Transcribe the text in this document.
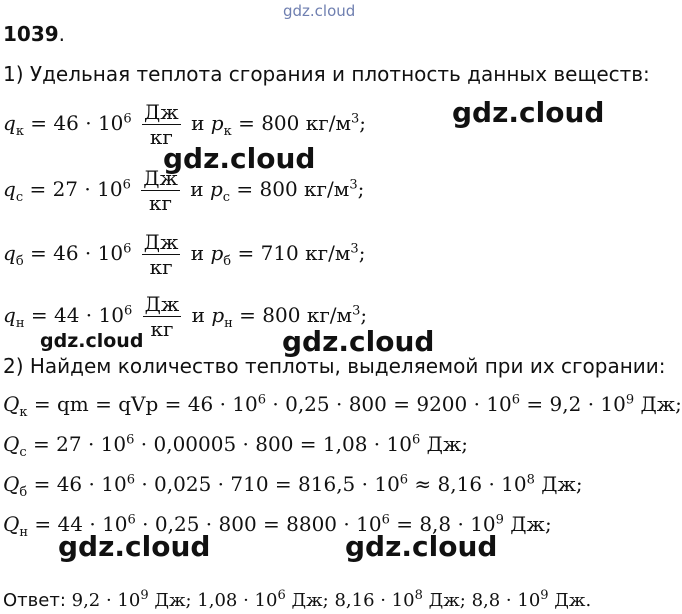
gdz.cloud
gdz.cloud
gdz.cloud
gdz.cloud	gdz.cloud
gdz.cloud	gdz.cloud
1039.
1) Удельная теплота сгорания и плотность данных веществ:
$q_к = 46 \cdot 10^6 \frac{Дж}{кг}$ и $p_к = 800$ $кг/м^3$;
$q_с = 27 \cdot 10^6 \frac{Дж}{кг}$ и $p_с = 800$ $кг/м^3$;
$q_б = 46 \cdot 10^6 \frac{Дж}{кг}$ и $p_б = 710$ $кг/м^3$;
$q_н = 44 \cdot 10^6 \frac{Дж}{кг}$ и $p_н = 800$ $кг/м^3$;
2) Найдем количество теплоты, выделяемой при их сгорании:
$Q_к$ = qm = qVp = $46 \cdot 10^6 \cdot 0,25 \cdot 800 = 9200 \cdot 10^6 = 9,2 \cdot 10^9$ Дж;
$Q_с = 27 \cdot 10^6 \cdot 0,00005 \cdot 800 = 1,08 \cdot 10^6$ Дж;
$Q_б = 46 \cdot 10^6 \cdot 0,025 \cdot 710 = 816,5 \cdot 10^6 \approx 8,16 \cdot 10^8$ Дж;
$Q_н = 44 \cdot 10^6 \cdot 0,25 \cdot 800 = 8800 \cdot 10^6 = 8,8 \cdot 10^9$ Дж;
Ответ: $9,2 \cdot 10^9$ Дж; $1,08 \cdot 10^6$ Дж; $8,16 \cdot 10^8$ Дж; $8,8 \cdot 10^9$ Дж.
